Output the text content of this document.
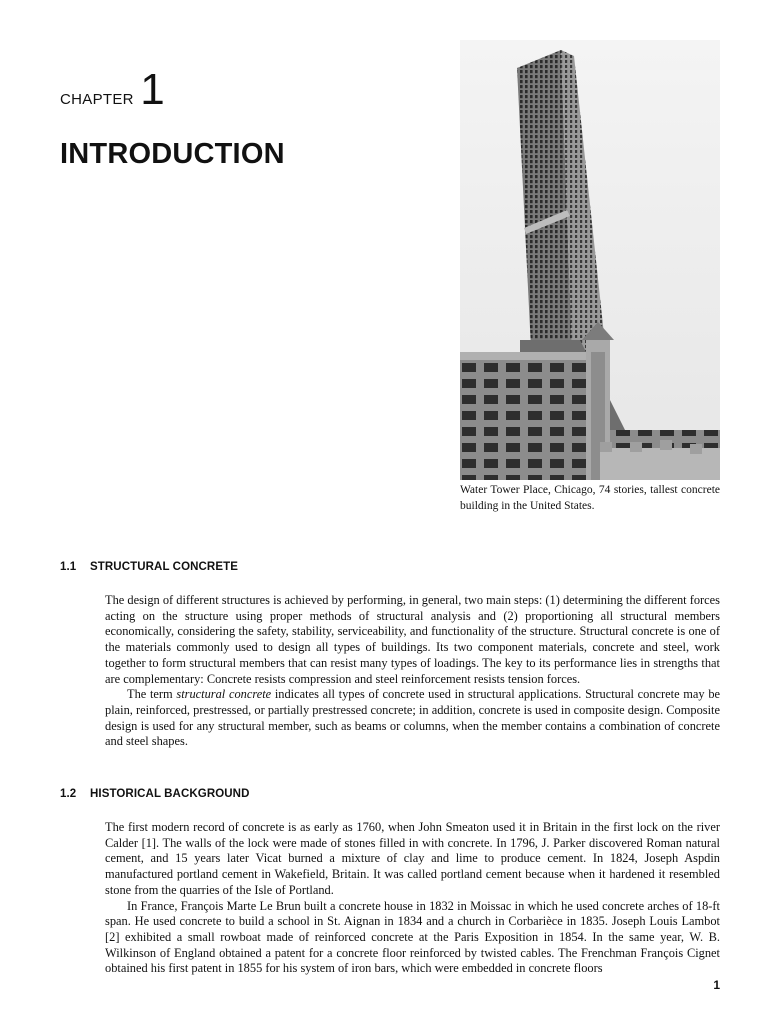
CHAPTER 1
INTRODUCTION

Water Tower Place, Chicago, 74 stories, tallest concrete building in the United States.

1.1 STRUCTURAL CONCRETE

The design of different structures is achieved by performing, in general, two main steps: (1) determining the different forces acting on the structure using proper methods of structural analysis and (2) proportioning all structural members economically, considering the safety, stability, serviceability, and functionality of the structure. Structural concrete is one of the materials commonly used to design all types of buildings. Its two component materials, concrete and steel, work together to form structural members that can resist many types of loadings. The key to its performance lies in strengths that are complementary: Concrete resists compression and steel reinforcement resists tension forces.

The term structural concrete indicates all types of concrete used in structural applications. Structural concrete may be plain, reinforced, prestressed, or partially prestressed concrete; in addition, concrete is used in composite design. Composite design is used for any structural member, such as beams or columns, when the member contains a combination of concrete and steel shapes.

1.2 HISTORICAL BACKGROUND

The first modern record of concrete is as early as 1760, when John Smeaton used it in Britain in the first lock on the river Calder [1]. The walls of the lock were made of stones filled in with concrete. In 1796, J. Parker discovered Roman natural cement, and 15 years later Vicat burned a mixture of clay and lime to produce cement. In 1824, Joseph Aspdin manufactured portland cement in Wakefield, Britain. It was called portland cement because when it hardened it resembled stone from the quarries of the Isle of Portland.

In France, François Marte Le Brun built a concrete house in 1832 in Moissac in which he used concrete arches of 18-ft span. He used concrete to build a school in St. Aignan in 1834 and a church in Corbarièce in 1835. Joseph Louis Lambot [2] exhibited a small rowboat made of reinforced concrete at the Paris Exposition in 1854. In the same year, W. B. Wilkinson of England obtained a patent for a concrete floor reinforced by twisted cables. The Frenchman François Cignet obtained his first patent in 1855 for his system of iron bars, which were embedded in concrete floors

1
